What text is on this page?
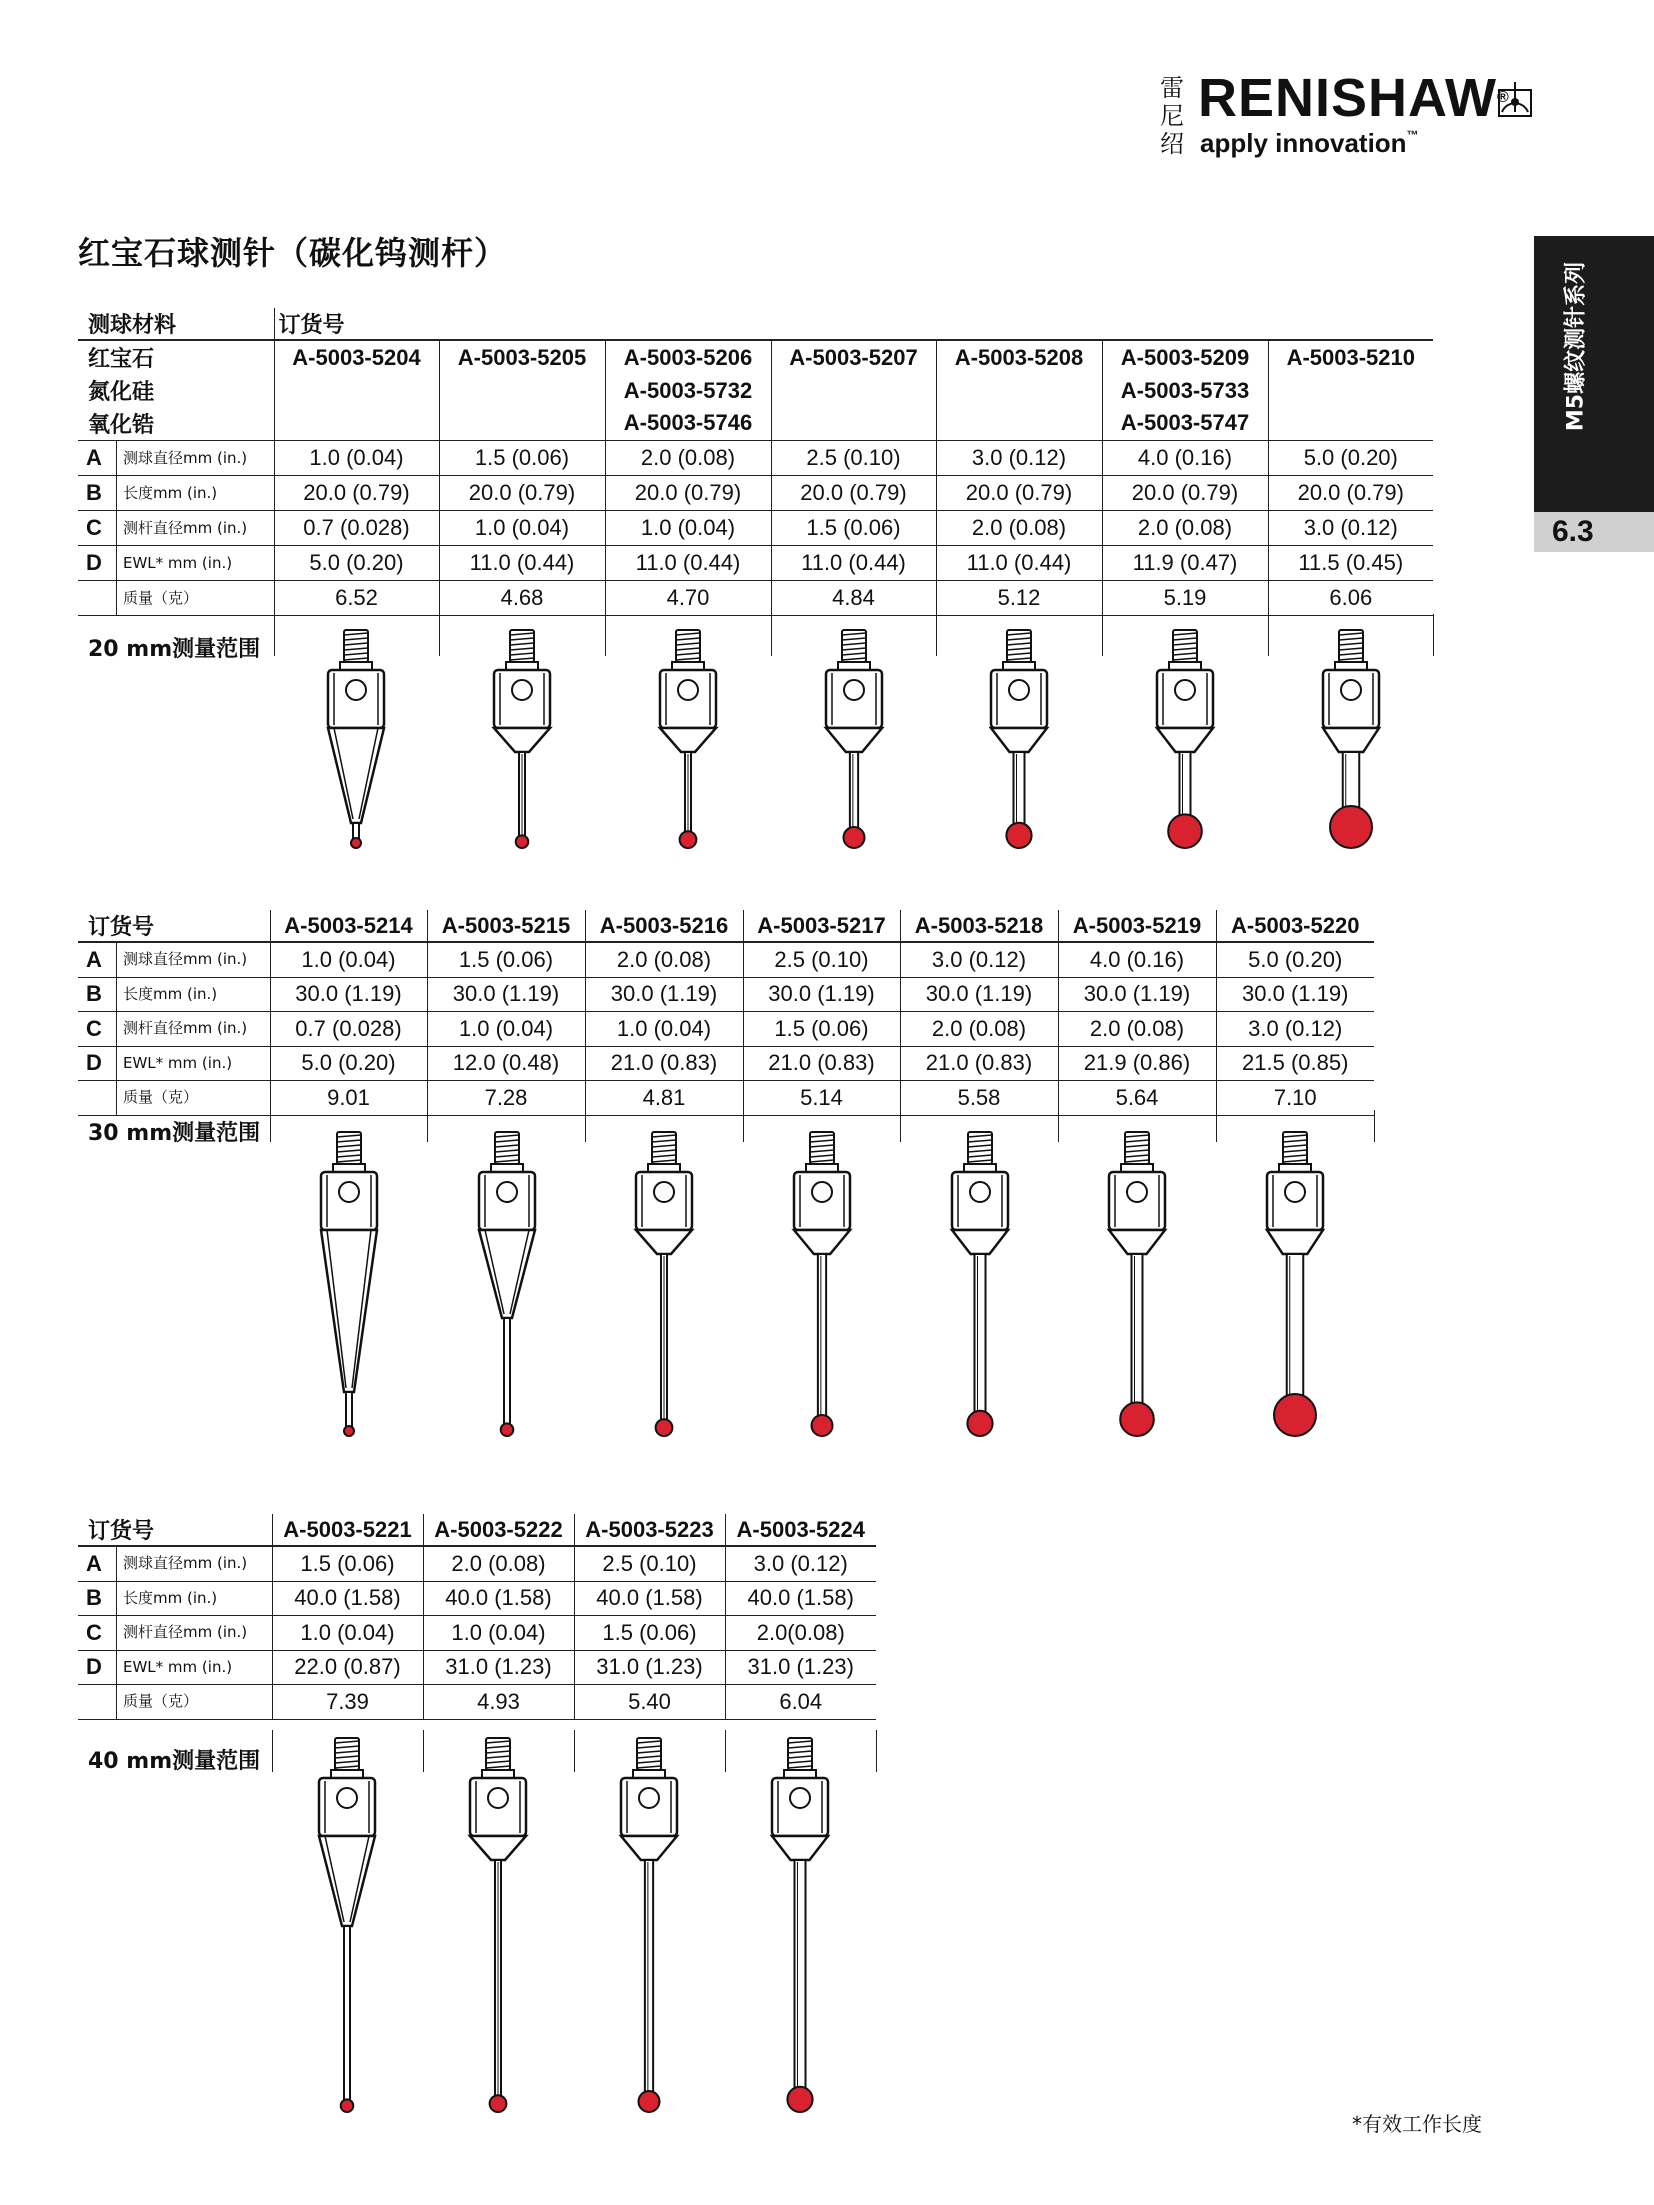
雷
尼
绍
RENISHAW®
apply innovation™
红宝石球测针（碳化钨测杆）
M5螺纹测针系列
6.3
测球材料	订货号						
红宝石	A-5003-5204	A-5003-5205	A-5003-5206	A-5003-5207	A-5003-5208	A-5003-5209	A-5003-5210
氮化硅			A-5003-5732			A-5003-5733	
氧化锆			A-5003-5746			A-5003-5747	

A 测球直径mm (in.)	1.0 (0.04)	1.5 (0.06)	2.0 (0.08)	2.5 (0.10)	3.0 (0.12)	4.0 (0.16)	5.0 (0.20)

B 长度mm (in.)	20.0 (0.79)	20.0 (0.79)	20.0 (0.79)	20.0 (0.79)	20.0 (0.79)	20.0 (0.79)	20.0 (0.79)

C 测杆直径mm (in.)	0.7 (0.028)	1.0 (0.04)	1.0 (0.04)	1.5 (0.06)	2.0 (0.08)	2.0 (0.08)	3.0 (0.12)

D EWL* mm (in.)	5.0 (0.20)	11.0 (0.44)	11.0 (0.44)	11.0 (0.44)	11.0 (0.44)	11.9 (0.47)	11.5 (0.45)

质量（克）	6.52	4.68	4.70	4.84	5.12	5.19	6.06
20 mm测量范围
订货号	A-5003-5214	A-5003-5215	A-5003-5216	A-5003-5217	A-5003-5218	A-5003-5219	A-5003-5220

A 测球直径mm (in.)	1.0 (0.04)	1.5 (0.06)	2.0 (0.08)	2.5 (0.10)	3.0 (0.12)	4.0 (0.16)	5.0 (0.20)

B 长度mm (in.)	30.0 (1.19)	30.0 (1.19)	30.0 (1.19)	30.0 (1.19)	30.0 (1.19)	30.0 (1.19)	30.0 (1.19)

C 测杆直径mm (in.)	0.7 (0.028)	1.0 (0.04)	1.0 (0.04)	1.5 (0.06)	2.0 (0.08)	2.0 (0.08)	3.0 (0.12)

D EWL* mm (in.)	5.0 (0.20)	12.0 (0.48)	21.0 (0.83)	21.0 (0.83)	21.0 (0.83)	21.9 (0.86)	21.5 (0.85)

质量（克）	9.01	7.28	4.81	5.14	5.58	5.64	7.10
30 mm测量范围
订货号	A-5003-5221	A-5003-5222	A-5003-5223	A-5003-5224

A 测球直径mm (in.)	1.5 (0.06)	2.0 (0.08)	2.5 (0.10)	3.0 (0.12)

B 长度mm (in.)	40.0 (1.58)	40.0 (1.58)	40.0 (1.58)	40.0 (1.58)

C 测杆直径mm (in.)	1.0 (0.04)	1.0 (0.04)	1.5 (0.06)	2.0(0.08)

D EWL* mm (in.)	22.0 (0.87)	31.0 (1.23)	31.0 (1.23)	31.0 (1.23)

质量（克）	7.39	4.93	5.40	6.04
40 mm测量范围
*有效工作长度
